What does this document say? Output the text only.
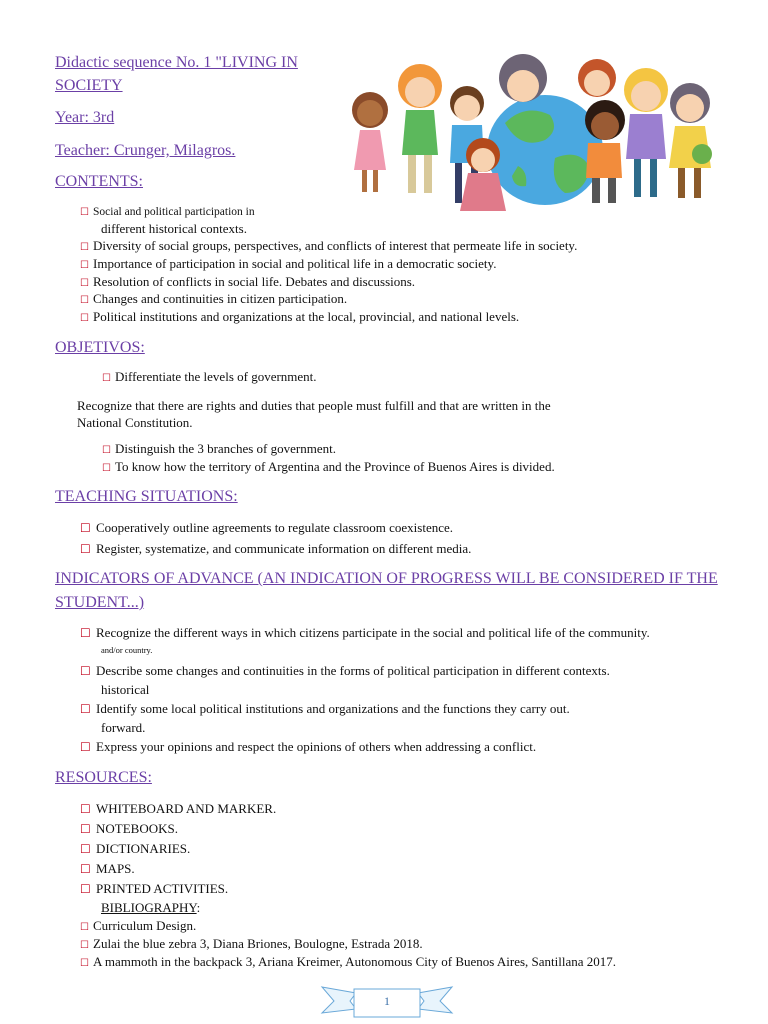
Didactic sequence No. 1 "LIVING IN
SOCIETY
Year: 3rd
Teacher: Crunger, Milagros.
CONTENTS:
☐ Social and political participation in
different historical contexts.
☐ Diversity of social groups, perspectives, and conflicts of interest that permeate life in society.
☐ Importance of participation in social and political life in a democratic society.
☐ Resolution of conflicts in social life. Debates and discussions.
☐ Changes and continuities in citizen participation.
☐ Political institutions and organizations at the local, provincial, and national levels.
OBJETIVOS:
☐ Differentiate the levels of government.
Recognize that there are rights and duties that people must fulfill and that are written in the
National Constitution.
☐ Distinguish the 3 branches of government.
☐ To know how the territory of Argentina and the Province of Buenos Aires is divided.
TEACHING SITUATIONS:
☐ Cooperatively outline agreements to regulate classroom coexistence.
☐ Register, systematize, and communicate information on different media.
INDICATORS OF ADVANCE (AN INDICATION OF PROGRESS WILL BE CONSIDERED IF THE
STUDENT...)
☐ Recognize the different ways in which citizens participate in the social and political life of the community.
and/or country.
☐ Describe some changes and continuities in the forms of political participation in different contexts.
historical
☐ Identify some local political institutions and organizations and the functions they carry out.
forward.
☐ Express your opinions and respect the opinions of others when addressing a conflict.
RESOURCES:
☐ WHITEBOARD AND MARKER.
☐ NOTEBOOKS.
☐ DICTIONARIES.
☐ MAPS.
☐ PRINTED ACTIVITIES.
BIBLIOGRAPHY:
☐ Curriculum Design.
☐ Zulai the blue zebra 3, Diana Briones, Boulogne, Estrada 2018.
☐ A mammoth in the backpack 3, Ariana Kreimer, Autonomous City of Buenos Aires, Santillana 2017.
1
